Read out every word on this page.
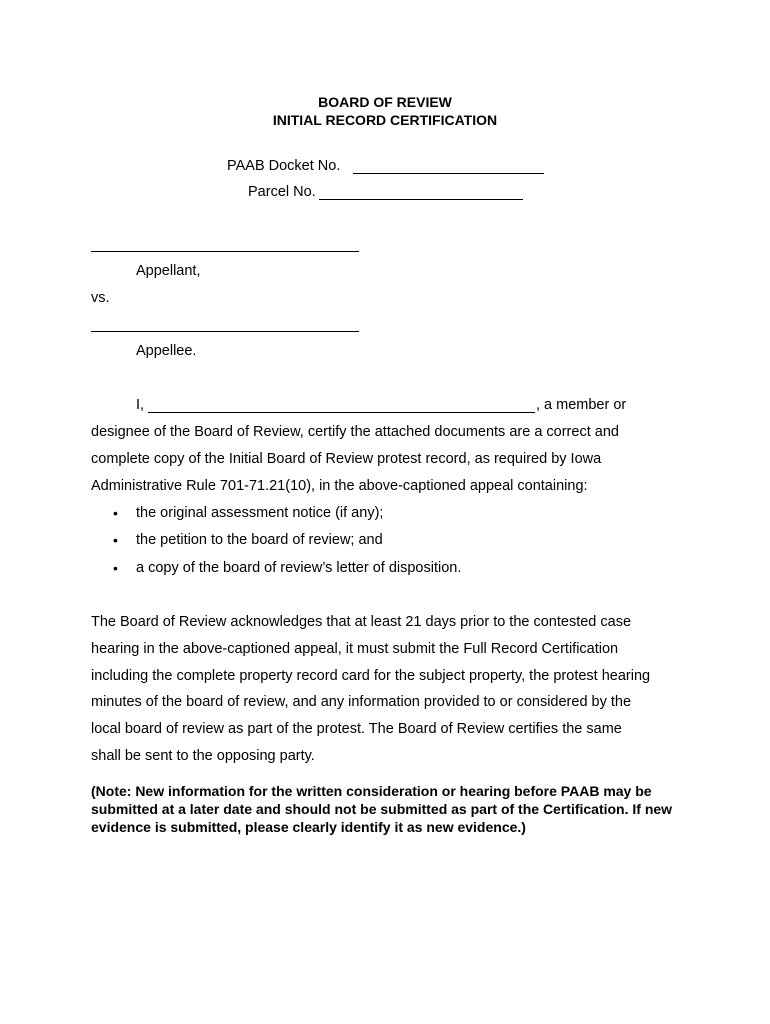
BOARD OF REVIEW
INITIAL RECORD CERTIFICATION
PAAB Docket No.
Parcel No.
Appellant,
vs.
Appellee.
I,	, a member or
designee of the Board of Review, certify the attached documents are a correct and
complete copy of the Initial Board of Review protest record, as required by Iowa
Administrative Rule 701-71.21(10), in the above-captioned appeal containing:
• the original assessment notice (if any);
• the petition to the board of review; and
• a copy of the board of review’s letter of disposition.
The Board of Review acknowledges that at least 21 days prior to the contested case
hearing in the above-captioned appeal, it must submit the Full Record Certification
including the complete property record card for the subject property, the protest hearing
minutes of the board of review, and any information provided to or considered by the
local board of review as part of the protest. The Board of Review certifies the same
shall be sent to the opposing party.
(Note: New information for the written consideration or hearing before PAAB may be submitted at a later date and should not be submitted as part of the Certification. If new evidence is submitted, please clearly identify it as new evidence.)
